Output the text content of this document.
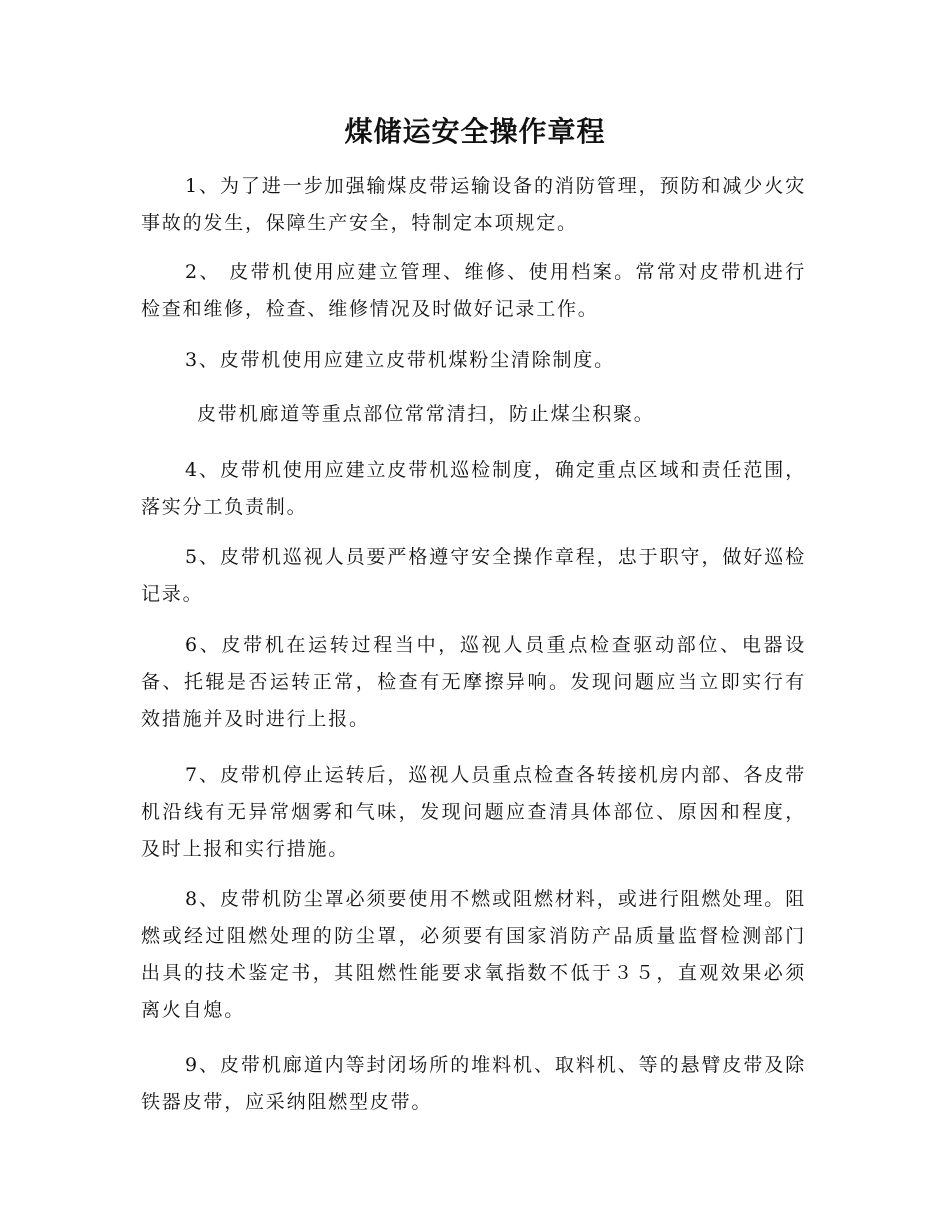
煤储运安全操作章程

1、为了进一步加强输煤皮带运输设备的消防管理，预防和减少火灾事故的发生，保障生产安全，特制定本项规定。

2、 皮带机使用应建立管理、维修、使用档案。常常对皮带机进行检查和维修，检查、维修情况及时做好记录工作。

3、皮带机使用应建立皮带机煤粉尘清除制度。

皮带机廊道等重点部位常常清扫，防止煤尘积聚。

4、皮带机使用应建立皮带机巡检制度，确定重点区域和责任范围，落实分工负责制。

5、皮带机巡视人员要严格遵守安全操作章程，忠于职守，做好巡检记录。

6、皮带机在运转过程当中，巡视人员重点检查驱动部位、电器设备、托辊是否运转正常，检查有无摩擦异响。发现问题应当立即实行有效措施并及时进行上报。

7、皮带机停止运转后，巡视人员重点检查各转接机房内部、各皮带机沿线有无异常烟雾和气味，发现问题应查清具体部位、原因和程度，及时上报和实行措施。

8、皮带机防尘罩必须要使用不燃或阻燃材料，或进行阻燃处理。阻燃或经过阻燃处理的防尘罩，必须要有国家消防产品质量监督检测部门出具的技术鉴定书，其阻燃性能要求氧指数不低于３５，直观效果必须离火自熄。

9、皮带机廊道内等封闭场所的堆料机、取料机、等的悬臂皮带及除铁器皮带，应采纳阻燃型皮带。
